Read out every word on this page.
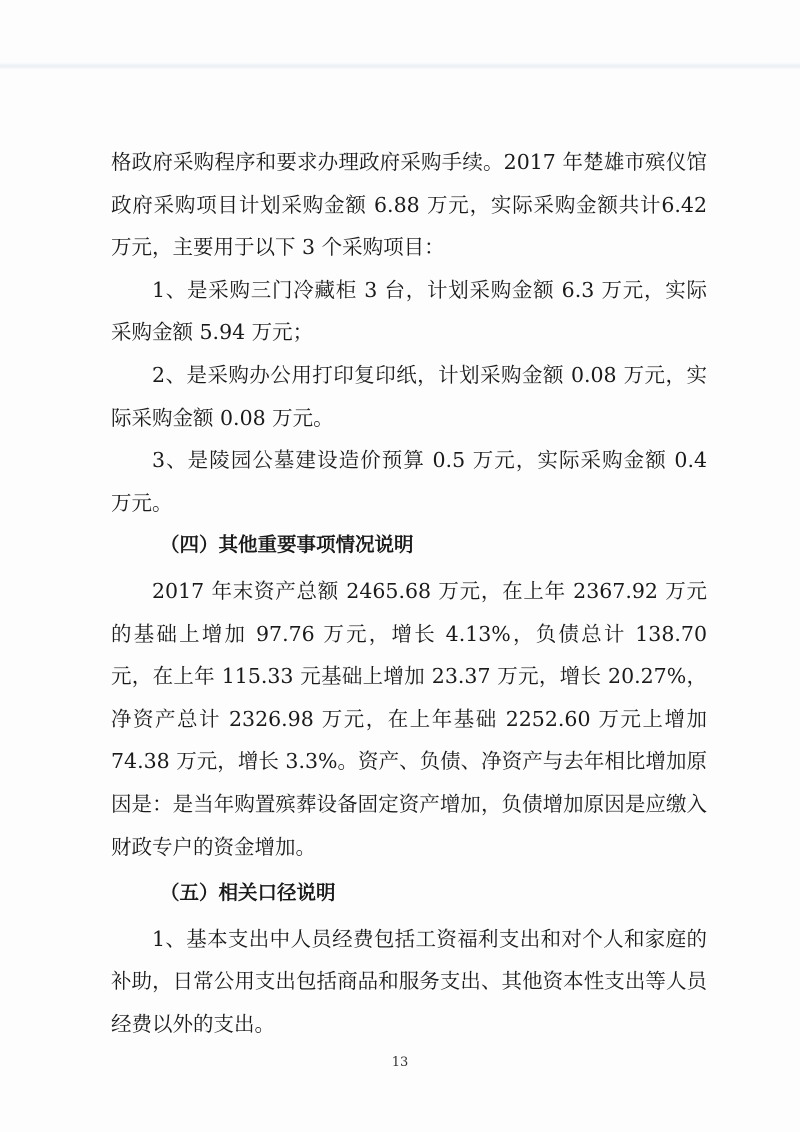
格政府采购程序和要求办理政府采购手续。2017 年楚雄市殡仪馆政府采购项目计划采购金额 6.88 万元，实际采购金额共计6.42万元，主要用于以下 3 个采购项目：

1、是采购三门冷藏柜 3 台，计划采购金额 6.3 万元，实际采购金额 5.94 万元；

2、是采购办公用打印复印纸，计划采购金额 0.08 万元，实际采购金额 0.08 万元。

3、是陵园公墓建设造价预算 0.5 万元，实际采购金额 0.4 万元。

（四）其他重要事项情况说明

2017 年末资产总额 2465.68 万元，在上年 2367.92 万元的基础上增加 97.76 万元，增长 4.13%，负债总计 138.70 元，在上年 115.33 元基础上增加 23.37 万元，增长 20.27%，净资产总计 2326.98 万元，在上年基础 2252.60 万元上增加 74.38 万元，增长 3.3%。资产、负债、净资产与去年相比增加原因是：是当年购置殡葬设备固定资产增加，负债增加原因是应缴入财政专户的资金增加。

（五）相关口径说明

1、基本支出中人员经费包括工资福利支出和对个人和家庭的补助，日常公用支出包括商品和服务支出、其他资本性支出等人员经费以外的支出。

13
